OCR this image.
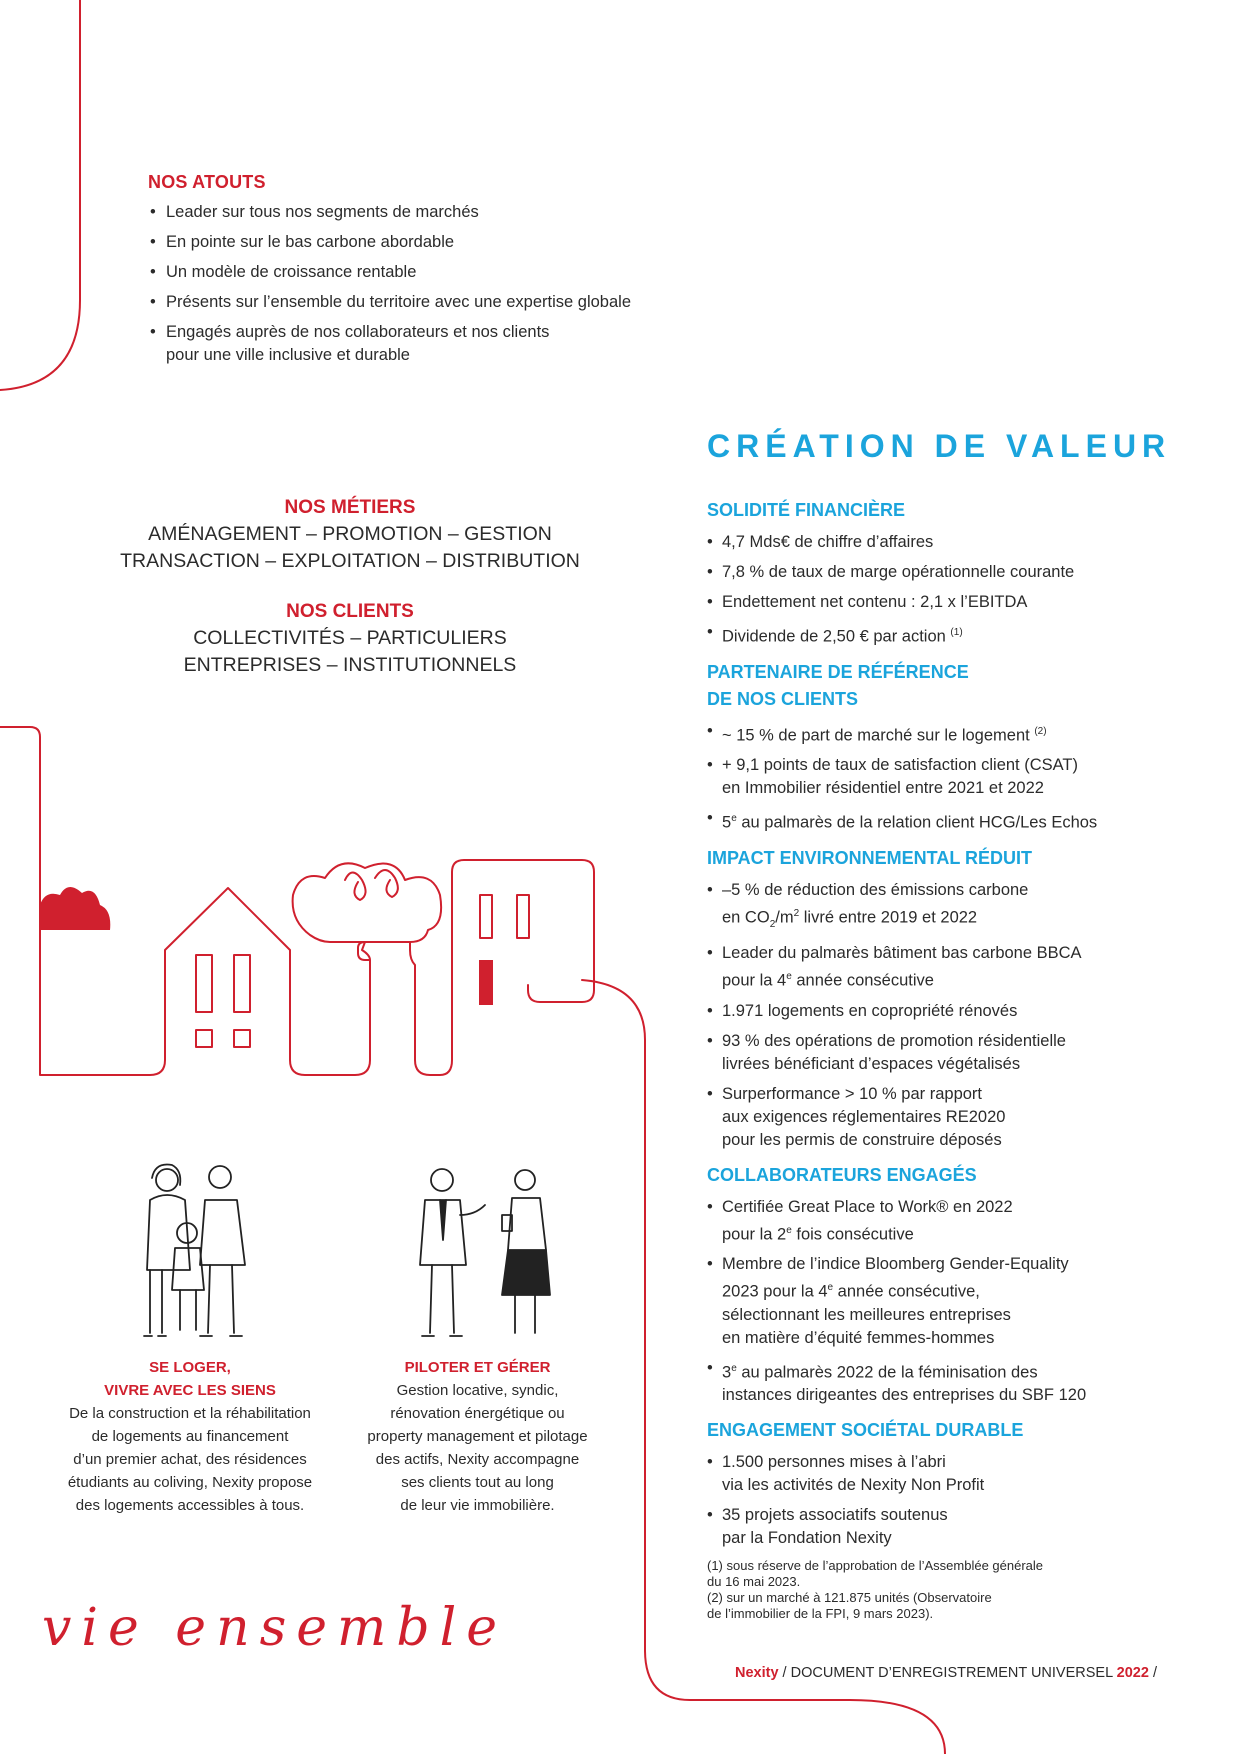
NOS ATOUTS

• Leader sur tous nos segments de marchés
• En pointe sur le bas carbone abordable
• Un modèle de croissance rentable
• Présents sur l’ensemble du territoire avec une expertise globale
• Engagés auprès de nos collaborateurs et nos clients
pour une ville inclusive et durable

NOS MÉTIERS

AMÉNAGEMENT – PROMOTION – GESTION

TRANSACTION – EXPLOITATION – DISTRIBUTION

NOS CLIENTS

COLLECTIVITÉS – PARTICULIERS

ENTREPRISES – INSTITUTIONNELS

CRÉATION DE VALEUR

SOLIDITÉ FINANCIÈRE

• 4,7 Mds€ de chiffre d’affaires
• 7,8 % de taux de marge opérationnelle courante
• Endettement net contenu : 2,1 x l’EBITDA
• Dividende de 2,50 € par action $^{(1)}$

PARTENAIRE DE RÉFÉRENCE
DE NOS CLIENTS

• ~ 15 % de part de marché sur le logement $^{(2)}$
• + 9,1 points de taux de satisfaction client (CSAT)
en Immobilier résidentiel entre 2021 et 2022
• 5e au palmarès de la relation client HCG/Les Echos

IMPACT ENVIRONNEMENTAL RÉDUIT

• –5 % de réduction des émissions carbone
en $CO_2/m^2$ livré entre 2019 et 2022
• Leader du palmarès bâtiment bas carbone BBCA
pour la 4e année consécutive
• 1.971 logements en copropriété rénovés
• 93 % des opérations de promotion résidentielle
livrées bénéficiant d’espaces végétalisés
• Surperformance > 10 % par rapport
aux exigences réglementaires RE2020
pour les permis de construire déposés

COLLABORATEURS ENGAGÉS

• Certifiée Great Place to Work® en 2022
pour la 2e fois consécutive
• Membre de l’indice Bloomberg Gender-Equality
2023 pour la 4e année consécutive,
sélectionnant les meilleures entreprises
en matière d’équité femmes-hommes
• 3e au palmarès 2022 de la féminisation des
instances dirigeantes des entreprises du SBF 120

ENGAGEMENT SOCIÉTAL DURABLE

• 1.500 personnes mises à l’abri
via les activités de Nexity Non Profit
• 35 projets associatifs soutenus
par la Fondation Nexity
(1) sous réserve de l’approbation de l’Assemblée générale
du 16 mai 2023.
(2) sur un marché à 121.875 unités (Observatoire
de l’immobilier de la FPI, 9 mars 2023).

SE LOGER,
VIVRE AVEC LES SIENS

De la construction et la réhabilitation

de logements au financement

d’un premier achat, des résidences

étudiants au coliving, Nexity propose

des logements accessibles à tous.

PILOTER ET GÉRER

Gestion locative, syndic,

rénovation énergétique ou

property management et pilotage

des actifs, Nexity accompagne

ses clients tout au long

de leur vie immobilière.

vie ensemble
Nexity / DOCUMENT D’ENREGISTREMENT UNIVERSEL 2022 /
